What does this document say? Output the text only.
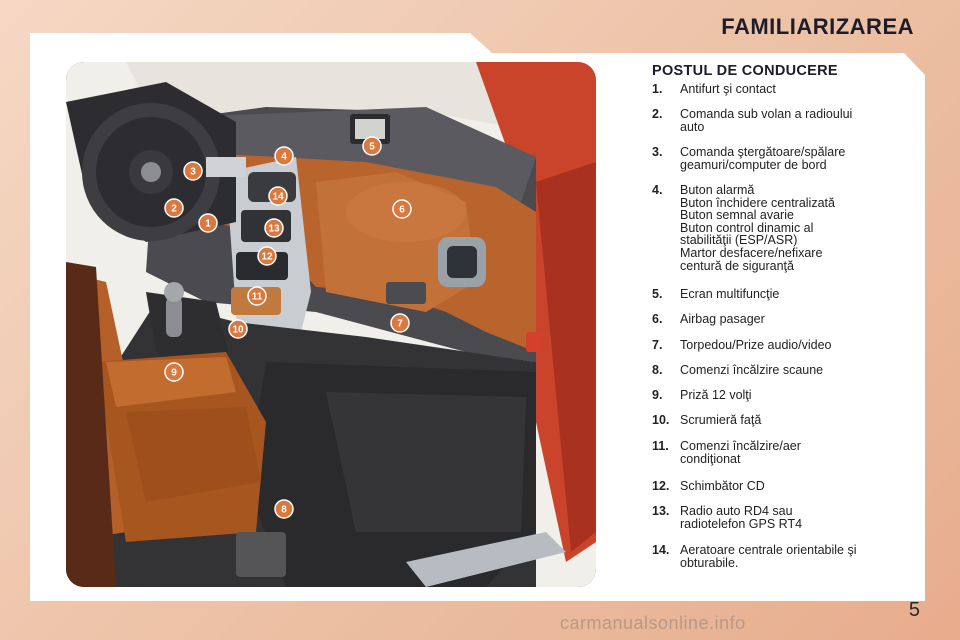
FAMILIARIZAREA
1
2
3
4
5
6
7
8
9
10
11
12
13
14
POSTUL DE CONDUCERE
1.	Antifurt şi contact
2.	Comanda sub volan a radioului
auto
3.	Comanda ştergătoare/spălare
geamuri/computer de bord
4.	Buton alarmă
Buton închidere centralizată
Buton semnal avarie
Buton control dinamic al
stabilităţii (ESP/ASR)
Martor desfacere/nefixare
centură de siguranţă
5.	Ecran multifuncţie
6.	Airbag pasager
7.	Torpedou/Prize audio/video
8.	Comenzi încălzire scaune
9.	Priză 12 volţi
10. Scrumieră faţă
11. Comenzi încălzire/aer
condiţionat
12. Schimbător CD
13. Radio auto RD4 sau
radiotelefon GPS RT4
14. Aeratoare centrale orientabile şi
obturabile.
carmanualsonline.info
5
